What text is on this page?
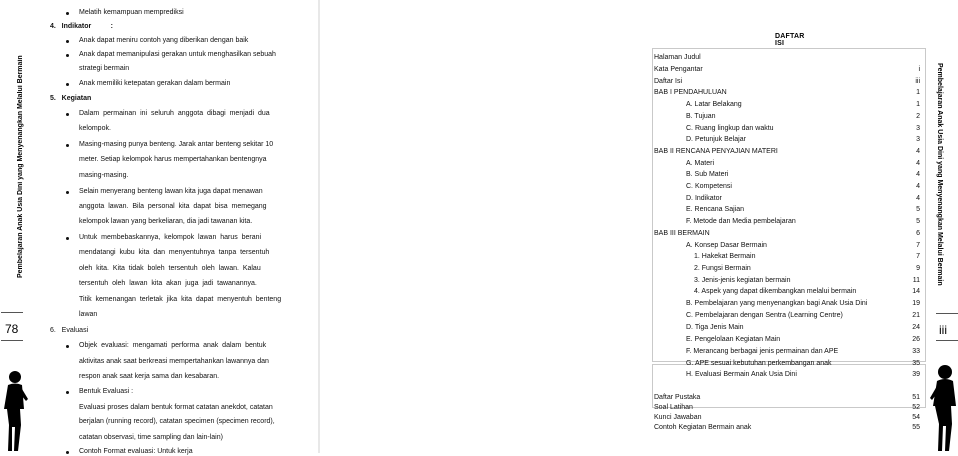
Pembelajaran Anak Usia Dini yang Menyenangkan Melalui Bermain
78
Melatih kemampuan memprediksi
4.   Indikator          :
Anak dapat meniru contoh yang diberikan dengan baik
Anak dapat memanipulasi gerakan untuk menghasilkan sebuah
strategi bermain
Anak memiliki ketepatan gerakan dalam bermain
5.   Kegiatan
Dalam  permainan  ini  seluruh  anggota  dibagi  menjadi  dua
kelompok.
Masing-masing punya benteng. Jarak antar benteng sekitar 10
meter. Setiap kelompok harus mempertahankan bentengnya
masing-masing.
Selain menyerang benteng lawan kita juga dapat menawan
anggota  lawan.  Bila  personal  kita  dapat  bisa  memegang
kelompok lawan yang berkeliaran, dia jadi tawanan kita.
Untuk  membebaskannya,  kelompok  lawan  harus  berani
mendatangi  kubu  kita  dan  menyentuhnya  tanpa  tersentuh
oleh  kita.  Kita  tidak  boleh  tersentuh  oleh  lawan.  Kalau
tersentuh  oleh  lawan  kita  akan  juga  jadi  tawanannya.
Titik  kemenangan  terletak  jika  kita  dapat  menyentuh  benteng
lawan
6.   Evaluasi
Objek  evaluasi:  mengamati  performa  anak  dalam  bentuk
aktivitas anak saat berkreasi mempertahankan lawannya dan
respon anak saat kerja sama dan kesabaran.
Bentuk Evaluasi :
Evaluasi proses dalam bentuk format catatan anekdot, catatan
berjalan (running record), catatan specimen (specimen record),
catatan observasi, time sampling dan lain-lain)
Contoh Format evaluasi: Untuk kerja
DAFTAR ISI
Halaman Judul
Kata Pengantar	i
Daftar Isi	iii
BAB I PENDAHULUAN	1
A. Latar Belakang	1
B. Tujuan	2
C. Ruang lingkup dan waktu	3
D. Petunjuk Belajar	3
BAB II RENCANA PENYAJIAN MATERI	4
A. Materi	4
B. Sub Materi	4
C. Kompetensi	4
D. Indikator	4
E. Rencana Sajian	5
F. Metode dan Media pembelajaran	5
BAB III BERMAIN	6
A. Konsep Dasar Bermain	7
1. Hakekat Bermain	7
2. Fungsi Bermain	9
3. Jenis-jenis kegiatan bermain	11
4. Aspek yang dapat dikembangkan melalui bermain	14
B. Pembelajaran yang menyenangkan bagi Anak Usia Dini	19
C. Pembelajaran dengan Sentra (Learning Centre)	21
D. Tiga Jenis Main	24
E. Pengelolaan Kegiatan Main	26
F. Merancang berbagai jenis permainan dan APE	33
G. APE sesuai kebutuhan perkembangan anak	35
H. Evaluasi Bermain Anak Usia Dini	39
Daftar Pustaka	51
Soal Latihan	52
Kunci Jawaban	54
Contoh Kegiatan Bermain anak	55
Pembelajaran Anak Usia Dini yang Menyenangkan Melalui Bermain
iii
